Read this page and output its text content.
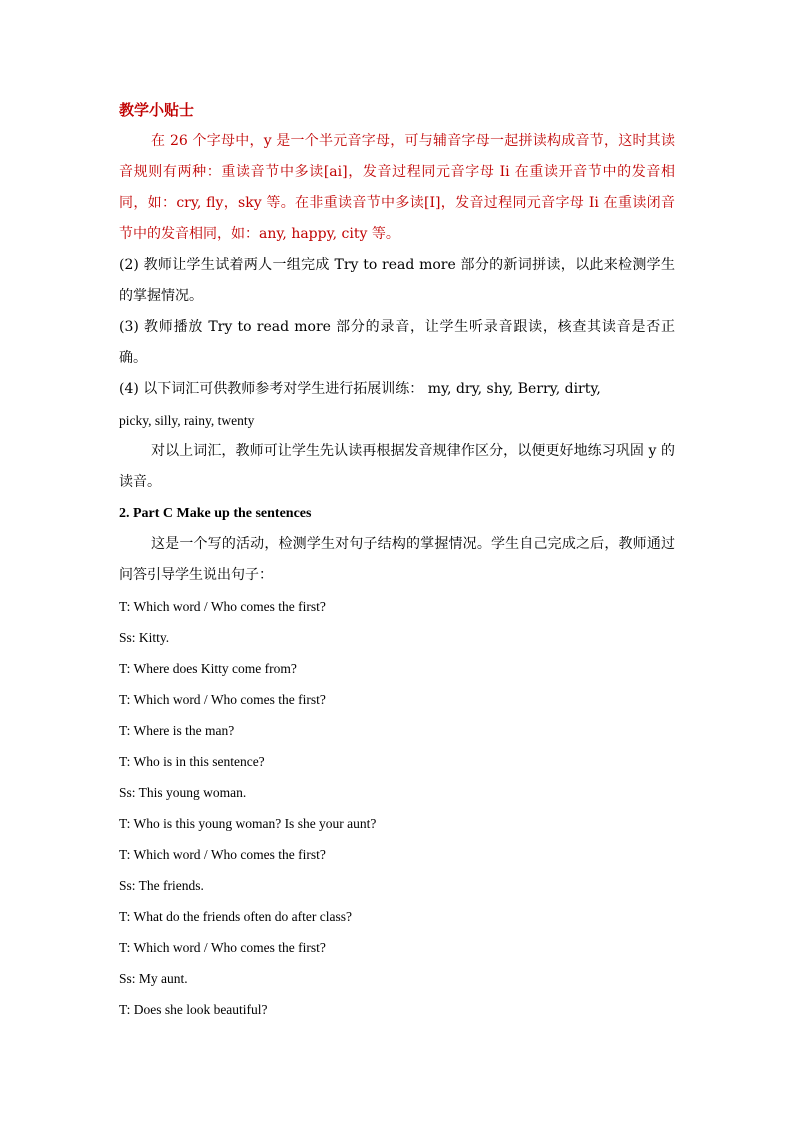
教学小贴士
在 26 个字母中，y 是一个半元音字母，可与辅音字母一起拼读构成音节，这时其读音规则有两种：重读音节中多读[ai]，发音过程同元音字母 Ii 在重读开音节中的发音相同，如：cry, fly，sky 等。在非重读音节中多读[I]，发音过程同元音字母 Ii 在重读闭音节中的发音相同，如：any, happy, city 等。
(2) 教师让学生试着两人一组完成 Try to read more 部分的新词拼读，以此来检测学生的掌握情况。
(3) 教师播放 Try to read more 部分的录音，让学生听录音跟读，核查其读音是否正确。
(4) 以下词汇可供教师参考对学生进行拓展训练： my, dry, shy, Berry, dirty,
picky, silly, rainy, twenty
对以上词汇，教师可让学生先认读再根据发音规律作区分，以便更好地练习巩固 y 的读音。
2. Part C Make up the sentences
这是一个写的活动，检测学生对句子结构的掌握情况。学生自己完成之后，教师通过问答引导学生说出句子：
T: Which word / Who comes the first?
Ss: Kitty.
T: Where does Kitty come from?
T: Which word / Who comes the first?
T: Where is the man?
T: Who is in this sentence?
Ss: This young woman.
T: Who is this young woman? Is she your aunt?
T: Which word / Who comes the first?
Ss: The friends.
T: What do the friends often do after class?
T: Which word / Who comes the first?
Ss: My aunt.
T: Does she look beautiful?
